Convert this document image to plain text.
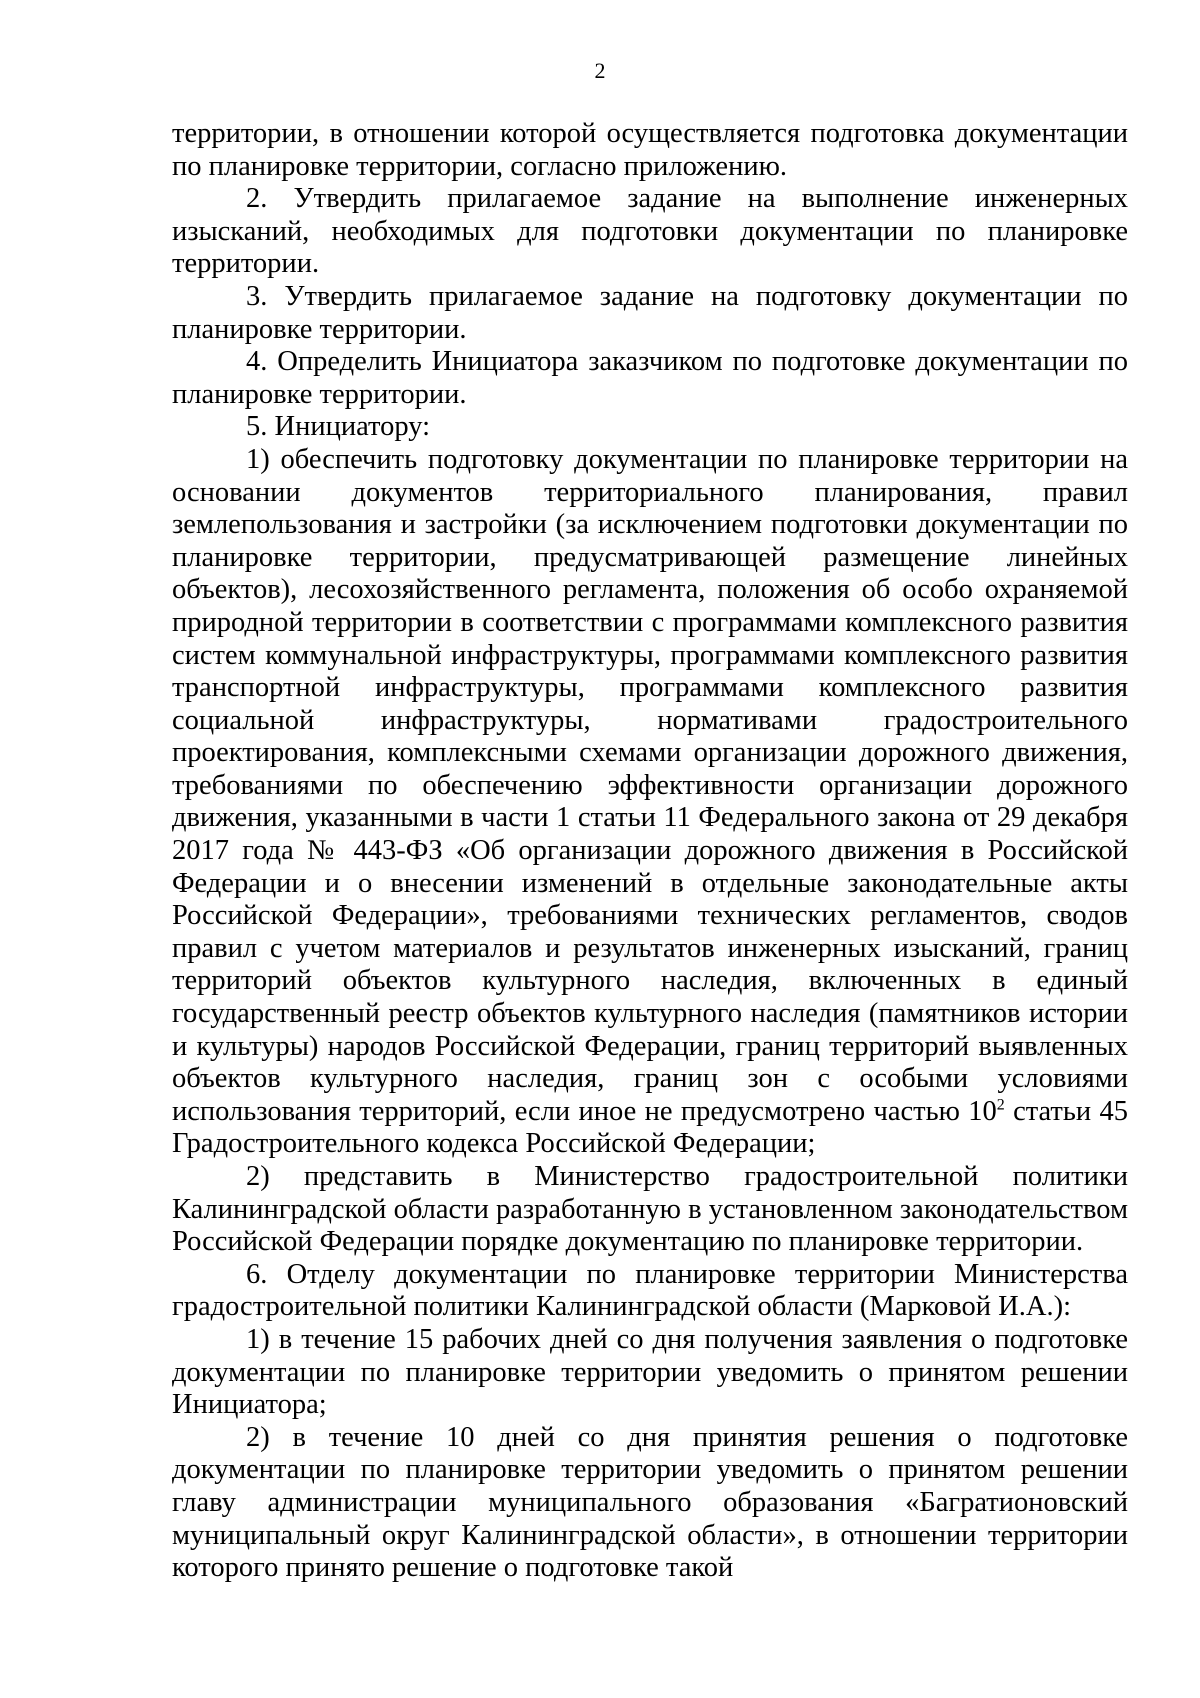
2

территории, в отношении которой осуществляется подготовка документации по планировке территории, согласно приложению.

2. Утвердить прилагаемое задание на выполнение инженерных изысканий, необходимых для подготовки документации по планировке территории.

3. Утвердить прилагаемое задание на подготовку документации по планировке территории.

4. Определить Инициатора заказчиком по подготовке документации по планировке территории.

5. Инициатору:

1) обеспечить подготовку документации по планировке территории на основании документов территориального планирования, правил землепользования и застройки (за исключением подготовки документации по планировке территории, предусматривающей размещение линейных объектов), лесохозяйственного регламента, положения об особо охраняемой природной территории в соответствии с программами комплексного развития систем коммунальной инфраструктуры, программами комплексного развития транспортной инфраструктуры, программами комплексного развития социальной инфраструктуры, нормативами градостроительного проектирования, комплексными схемами организации дорожного движения, требованиями по обеспечению эффективности организации дорожного движения, указанными в части 1 статьи 11 Федерального закона от 29 декабря 2017 года № 443-ФЗ «Об организации дорожного движения в Российской Федерации и о внесении изменений в отдельные законодательные акты Российской Федерации», требованиями технических регламентов, сводов правил с учетом материалов и результатов инженерных изысканий, границ территорий объектов культурного наследия, включенных в единый государственный реестр объектов культурного наследия (памятников истории и культуры) народов Российской Федерации, границ территорий выявленных объектов культурного наследия, границ зон с особыми условиями использования территорий, если иное не предусмотрено частью $10^2$ статьи 45 Градостроительного кодекса Российской Федерации;

2) представить в Министерство градостроительной политики Калининградской области разработанную в установленном законодательством Российской Федерации порядке документацию по планировке территории.

6. Отделу документации по планировке территории Министерства градостроительной политики Калининградской области (Марковой И.А.):

1) в течение 15 рабочих дней со дня получения заявления о подготовке документации по планировке территории уведомить о принятом решении Инициатора;

2) в течение 10 дней со дня принятия решения о подготовке документации по планировке территории уведомить о принятом решении главу администрации муниципального образования «Багратионовский муниципальный округ Калининградской области», в отношении территории которого принято решение о подготовке такой
